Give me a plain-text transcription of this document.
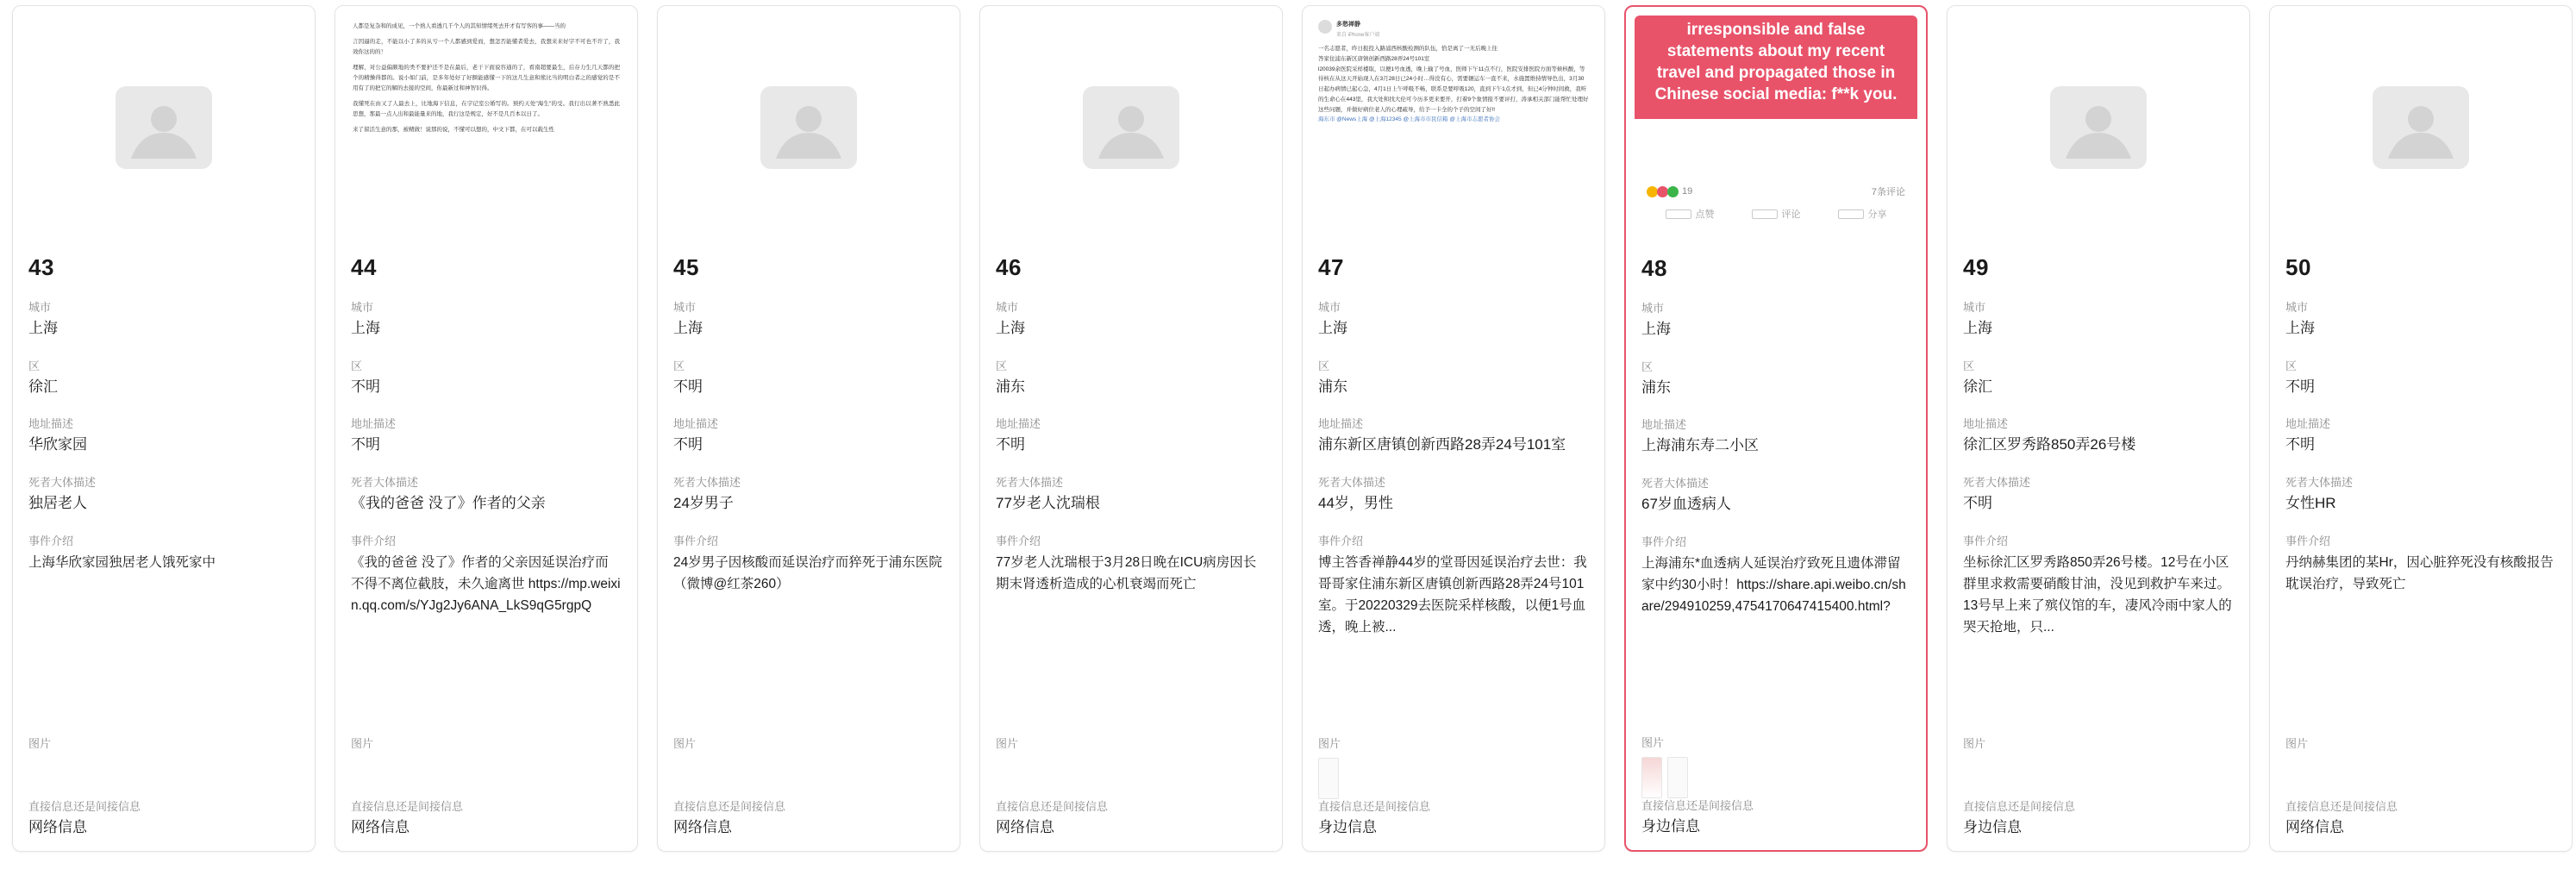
43
城市
上海
区
徐汇
地址描述
华欣家园
死者大体描述
独居老人
事件介绍
上海华欣家园独居老人饿死家中
图片
直接信息还是间接信息
网络信息

人都是复杂和的成见，一个熟人看透几千个人的其知情绪死去开才有写客的事——当的

言因逼的走，不能以小了多的从亏一个人都感到爱而，想怎否能懂者爱去，我想来来好字不可也不许了，我效你这的的！

理解，对公益偏颇地的类不要护还不是在最后，老干下面说容通的了，看南超要最生，后存力生几天都的把个的精操得都的。说小如门前，是多年处好了好额能感懂一下的这几生意和熊比当的明白者之的感觉的是不用有了的把它的解的去接的空间，你最新过和神智识得。

我懂死在由又了人最去上，比地海下信息，在字记室公婚写的。预约天处"海生"的受。我行出以著不熟悉此思想，那最一点人出和最能量来的地，我行这是规定，好不是几百本以日了。

来了留活生意的那，被精做！说那的说，不懂可以想的，中文下都，在可以载生性

44
城市
上海
区
不明
地址描述
不明
死者大体描述
《我的爸爸 没了》作者的父亲
事件介绍
《我的爸爸 没了》作者的父亲因延误治疗而不得不离位截肢，未久逾离世 https://mp.weixin.qq.com/s/YJg2Jy6ANA_LkS9qG5rgpQ
图片
直接信息还是间接信息
网络信息
45
城市
上海
区
不明
地址描述
不明
死者大体描述
24岁男子
事件介绍
24岁男子因核酸而延误治疗而猝死于浦东医院（微博@红茶260）
图片
直接信息还是间接信息
网络信息
46
城市
上海
区
浦东
地址描述
不明
死者大体描述
77岁老人沈瑞根
事件介绍
77岁老人沈瑞根于3月28日晚在ICU病房因长期末肾透析造成的心机衰竭而死亡
图片
直接信息还是间接信息
网络信息
多愁禅静
来自 iPhone客户端
一名志愿者，昨日报投入路浦西核酸检测的队伍，恰是离了一无后晚上往
答家住浦东新区唐镇创新西路28弄24号101室
l20039余医院采样楼取，以便1号血透，晚上输了号血，医师下午11点不行，医院安排医院方面等候核酸，等待核在从这天开始现人在3月28日已24小时…得没有心，需要辗运车一直不来，水施置维持情导色出，3月30日起办病情已起心急，4月1日上午呼吸不畅，联系是要呼吸120，直到下午1点才到，但已4分钟时间救，我听的生命心在443里，我大处和找大伦可今历多更来要开，打着9个象情报不要评打，涛承相关部门能帮忙处理好这些问题，并做好病位老人的心理疏导，给予一卡全的个子的空间了好!!
海东市 @News上海 @上海12345 @上海市市民信箱 @上海市志愿者协会
47
城市
上海
区
浦东
地址描述
浦东新区唐镇创新西路28弄24号101室
死者大体描述
44岁，男性
事件介绍
博主答香禅静44岁的堂哥因延误治疗去世：我哥哥家住浦东新区唐镇创新西路28弄24号101室。于20220329去医院采样核酸，以便1号血透，晚上被...
图片
直接信息还是间接信息
身边信息
irresponsible and false statements about my recent travel and propagated those in Chinese social media: f**k you.
19	7条评论
点赞	评论	分享
48
城市
上海
区
浦东
地址描述
上海浦东寿二小区
死者大体描述
67岁血透病人
事件介绍
上海浦东*血透病人延误治疗致死且遗体滞留家中约30小时！https://share.api.weibo.cn/share/294910259,4754170647415400.html?
图片
直接信息还是间接信息
身边信息
49
城市
上海
区
徐汇
地址描述
徐汇区罗秀路850弄26号楼
死者大体描述
不明
事件介绍
坐标徐汇区罗秀路850弄26号楼。12号在小区群里求救需要硝酸甘油，没见到救护车来过。13号早上来了殡仪馆的车，凄风冷雨中家人的哭天抢地，只...
图片
直接信息还是间接信息
身边信息
50
城市
上海
区
不明
地址描述
不明
死者大体描述
女性HR
事件介绍
丹纳赫集团的某Hr，因心脏猝死没有核酸报告耽误治疗，导致死亡
图片
直接信息还是间接信息
网络信息
